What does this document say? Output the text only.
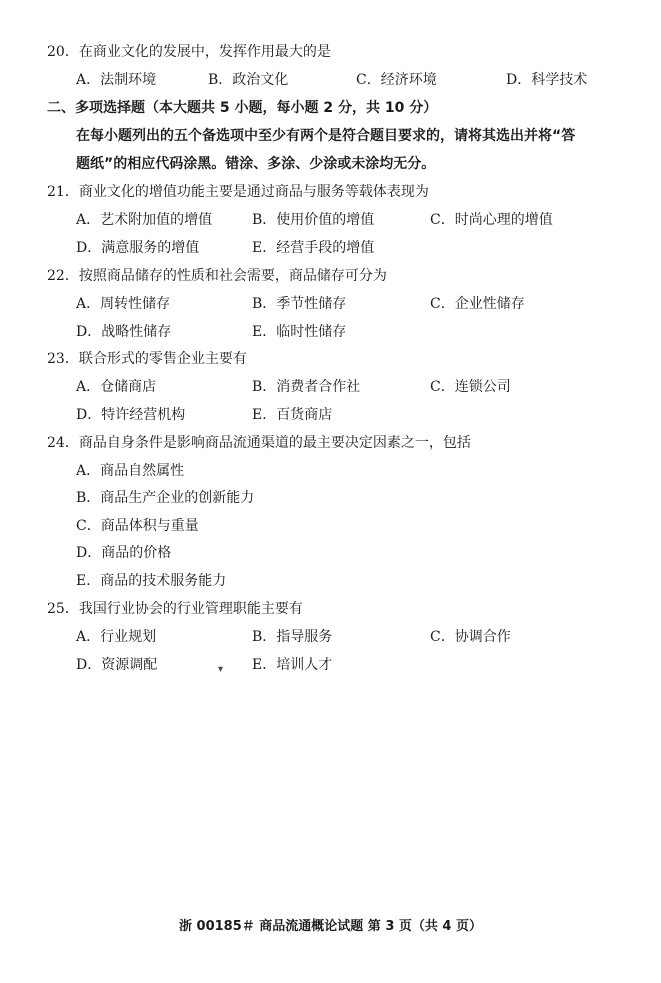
20．在商业文化的发展中，发挥作用最大的是
A．法制环境	B．政治文化	C．经济环境	D．科学技术
二、多项选择题（本大题共 5 小题，每小题 2 分，共 10 分）
在每小题列出的五个备选项中至少有两个是符合题目要求的，请将其选出并将“答
题纸”的相应代码涂黑。错涂、多涂、少涂或未涂均无分。
21．商业文化的增值功能主要是通过商品与服务等载体表现为
A．艺术附加值的增值	B．使用价值的增值	C．时尚心理的增值
D．满意服务的增值	E．经营手段的增值
22．按照商品储存的性质和社会需要，商品储存可分为
A．周转性储存	B．季节性储存	C．企业性储存
D．战略性储存	E．临时性储存
23．联合形式的零售企业主要有
A．仓储商店	B．消费者合作社	C．连锁公司
D．特许经营机构	E．百货商店
24．商品自身条件是影响商品流通渠道的最主要决定因素之一，包括
A．商品自然属性
B．商品生产企业的创新能力
C．商品体积与重量
D．商品的价格
E．商品的技术服务能力
25．我国行业协会的行业管理职能主要有
A．行业规划	B．指导服务	C．协调合作
D．资源调配	E．培训人才
▾
浙 00185＃ 商品流通概论试题 第 3 页（共 4 页）
